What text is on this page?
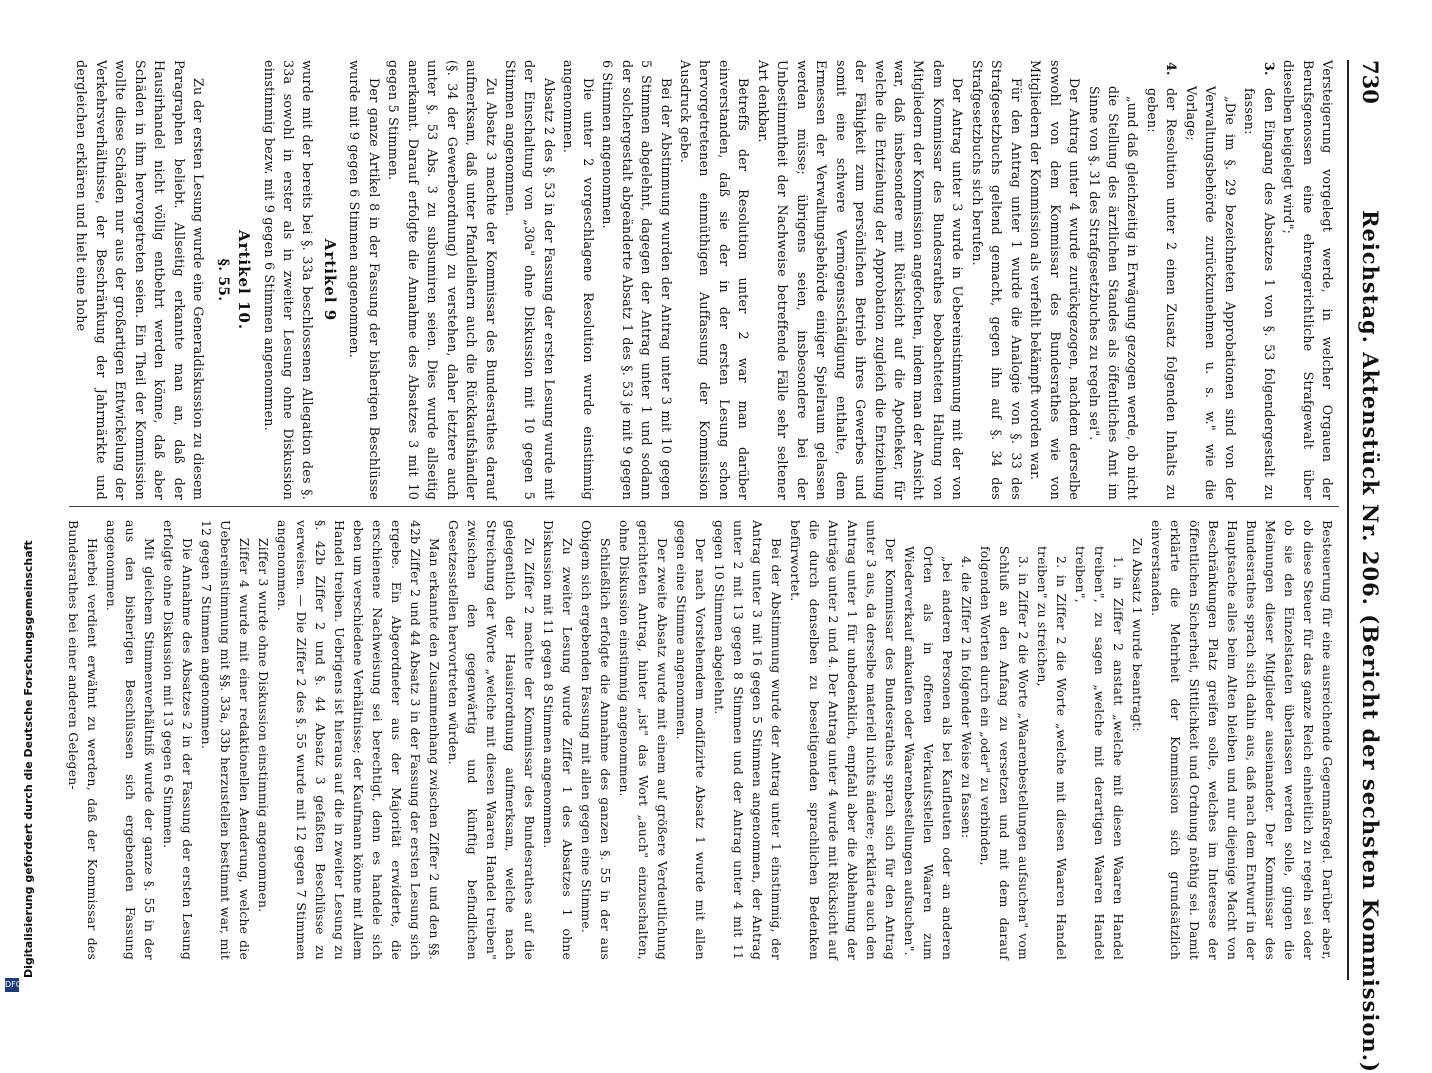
730
Reichstag. Aktenstück Nr. 206. (Bericht der sechsten Kommission.)

Versteigerung vorgelegt werde, in welcher Orgauen der Berufsgenossen eine ehrengerichtliche Strafgewalt über dieselben beigelegt wird";

3.
den Eingang des Absatzes 1 von §. 53 folgendergestalt zu fassen:

„Die im §. 29 bezeichneten Approbationen sind von der Verwaltungsbehörde zurückzunehmen u. s. w." wie die Vorlage;

4.
der Resolution unter 2 einen Zusatz folgenden Inhalts zu geben:

„und daß gleichzeitig in Erwägung gezogen werde, ob nicht die Stellung des ärztlichen Standes als öffentliches Amt im Sinne von §. 31 des Strafgesetzbuches zu regeln sei".

Der Antrag unter 4 wurde zurückgezogen, nachdem derselbe sowohl von dem Kommissar des Bundesrathes wie von Mitgliedern der Kommission als verfehlt bekämpft worden war.

Für den Antrag unter 1 wurde die Analogie von §. 33 des Strafgesetzbuchs geltend gemacht, gegen ihn auf §. 34 des Strafgesetzbuchs sich berufen.

Der Antrag unter 3 wurde in Uebereinstimmung mit der von dem Kommissar des Bundesrathes beobachteten Haltung von Mitgliedern der Kommission angefochten, indem man der Ansicht war, daß insbesondere mit Rücksicht auf die Apotheker, für welche die Entziehung der Approbation zugleich die Entziehung der Fähigkeit zum persönlichen Betrieb ihres Gewerbes und somit eine schwere Vermögensschädigung enthalte, dem Ermessen der Verwaltungsbehörde einiger Spielraum gelassen werden müsse; übrigens seien, insbesondere bei der Unbestimmtheit der Nachweise betreffende Fälle sehr seltener Art denkbar.

Betreffs der Resolution unter 2 war man darüber einverstanden, daß sie der in der ersten Lesung schon hervorgetretenen einmüthigen Auffassung der Kommission Ausdruck gebe.

Bei der Abstimmung wurden der Antrag unter 3 mit 10 gegen 5 Stimmen abgelehnt, dagegen der Antrag unter 1 und sodann der solchergestalt abgeänderte Absatz 1 des §. 53 je mit 9 gegen 6 Stimmen angenommen.

Die unter 2 vorgeschlagene Resolution wurde einstimmig angenommen.

Absatz 2 des §. 53 in der Fassung der ersten Lesung wurde mit der Einschaltung von „30a" ohne Diskussion mit 10 gegen 5 Stimmen angenommen.

Zu Absatz 3 machte der Kommissar des Bundesrathes darauf aufmerksam, daß unter Pfandleihern auch die Rückkaufshändler (§. 34 der Gewerbeordnung) zu verstehen, daher letztere auch unter §. 53 Abs. 3 zu subsumiren seien. Dies wurde allseitig anerkannt. Darauf erfolgte die Annahme des Absatzes 3 mit 10 gegen 5 Stimmen.

Der ganze Artikel 8 in der Fassung der bisherigen Beschlüsse wurde mit 9 gegen 6 Stimmen angenommen.

Artikel 9

wurde mit der bereits bei §. 33a beschlossenen Allegation des §. 33a sowohl in erster als in zweiter Lesung ohne Diskussion einstimmig bezw. mit 9 gegen 6 Stimmen angenommen.

Artikel 10.
§. 55.

Zu der ersten Lesung wurde eine Generaldiskussion zu diesem Paragraphen beliebt. Allseitig erkannte man an, daß der Hausirhandel nicht völlig entbehrt werden könne, daß aber Schäden in ihm hervorgetreten seien. Ein Theil der Kommission wollte diese Schäden nur aus der großartigen Entwickelung der Verkehrsverhältnisse, der Beschränkung der Jahrmärkte und dergleichen erklären und hielt eine hohe

Besteuerung für eine ausreichende Gegenmaßregel. Darüber aber, ob diese Steuer für das ganze Reich einheitlich zu regeln sei oder ob sie den Einzelstaaten überlassen werden solle, gingen die Meinungen dieser Mitglieder auseinander. Der Kommissar des Bundesrathes sprach sich dahin aus, daß nach dem Entwurf in der Hauptsache alles beim Alten bleiben und nur diejenige Macht von Beschränkungen Platz greifen solle, welches im Interesse der öffentlichen Sicherheit, Sittlichkeit und Ordnung nöthig sei. Damit erklärte die Mehrheit der Kommission sich grundsätzlich einverstanden.

Zu Absatz 1 wurde beantragt:

1. in Ziffer 2 anstatt „welche mit diesen Waaren Handel treiben", zu sagen „welche mit derartigen Waaren Handel treiben",

2. in Ziffer 2 die Worte „welche mit diesen Waaren Handel treiben" zu streichen,

3. in Ziffer 2 die Worte „Waarenbestellungen aufsuchen" vom Schluß an den Anfang zu versetzen und mit dem darauf folgenden Worten durch ein „oder" zu verbinden,

4. die Ziffer 2 in folgender Weise zu fassen:

„bei anderen Personen als bei Kaufleuten oder an anderen Orten als in offenen Verkaufsstellen Waaren zum Wiederverkauf ankaufen oder Waarenbestellungen aufsuchen".

Der Kommissar des Bundesrathes sprach sich für den Antrag unter 3 aus, da derselbe materiell nichts ändere; erklärte auch den Antrag unter 1 für unbedenklich, empfahl aber die Ablehnung der Anträge unter 2 und 4. Der Antrag unter 4 wurde mit Rücksicht auf die durch denselben zu beseitigenden sprachlichen Bedenken befürwortet.

Bei der Abstimmung wurde der Antrag unter 1 einstimmig, der Antrag unter 3 mit 16 gegen 5 Stimmen angenommen, der Antrag unter 2 mit 13 gegen 8 Stimmen und der Antrag unter 4 mit 11 gegen 10 Stimmen abgelehnt.

Der nach Vorstehendem modifizirte Absatz 1 wurde mit allen gegen eine Stimme angenommen.

Der zweite Absatz wurde mit einem auf größere Verdeutlichung gerichteten Antrag, hinter „ist" das Wort „auch" einzuschalten, ohne Diskussion einstimmig angenommen.

Schließlich erfolgte die Annahme des ganzen §. 55 in der aus Obigem sich ergebenden Fassung mit allen gegen eine Stimme.

Zu zweiter Lesung wurde Ziffer 1 des Absatzes 1 ohne Diskussion mit 11 gegen 8 Stimmen angenommen.

Zu Ziffer 2 machte der Kommissar des Bundesrathes auf die gelegentlich der Hausirordnung aufmerksam, welche nach Streichung der Worte „welche mit diesen Waaren Handel treiben" zwischen den gegenwärtig und künftig befindlichen Gesetzesstellen hervortreten würden.

Man erkannte den Zusammenhang zwischen Ziffer 2 und den §§. 42b Ziffer 2 und 44 Absatz 3 in der Fassung der ersten Lesung sich ergebe. Ein Abgeordneter aus der Majorität erwiderte, die erschienene Nachweisung sei berechtigt, denn es handele sich eben um verschiedene Verhältnisse; der Kaufmann könne mit Allem Handel treiben. Uebrigens ist hieraus auf die in zweiter Lesung zu §. 42b Ziffer 2 und §. 44 Absatz 3 gefaßten Beschlüsse zu verweisen. — Die Ziffer 2 des §. 55 wurde mit 12 gegen 7 Stimmen angenommen.

Ziffer 3 wurde ohne Diskussion einstimmig angenommen.

Ziffer 4 wurde mit einer redaktionellen Aenderung, welche die Uebereinstimmung mit §§. 33a, 33b herzustellen bestimmt war, mit 12 gegen 7 Stimmen angenommen.

Die Annahme des Absatzes 2 in der Fassung der ersten Lesung erfolgte ohne Diskussion mit 13 gegen 6 Stimmen.

Mit gleichem Stimmenverhältniß wurde der ganze §. 55 in der aus den bisherigen Beschlüssen sich ergebenden Fassung angenommen.

Hierbei verdient erwähnt zu werden, daß der Kommissar des Bundesrathes bei einer anderen Gelegen-

Digitalisierung gefördert durch die Deutsche Forschungsgemeinschaft
DFG
